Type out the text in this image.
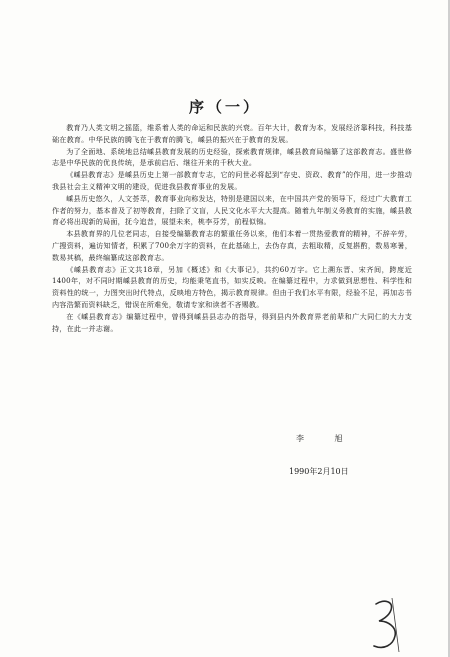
序（一）

教育乃人类文明之摇篮，维系着人类的命运和民族的兴衰。百年大计，教育为本，发展经济靠科技，科技基础在教育。中华民族的腾飞在于教育的腾飞，嵊县的振兴在于教育的发展。

为了全面地、系统地总结嵊县教育发展的历史经验，探索教育规律，嵊县教育局编纂了这部教育志。盛世修志是中华民族的优良传统，是承前启后、继往开来的千秋大业。

《嵊县教育志》是嵊县历史上第一部教育专志，它的问世必将起到“存史、资政、教育”的作用，进一步推动我县社会主义精神文明的建设，促进我县教育事业的发展。

嵊县历史悠久，人文荟萃，教育事业向称发达，特别是建国以来，在中国共产党的领导下，经过广大教育工作者的努力，基本普及了初等教育，扫除了文盲，人民文化水平大大提高。随着九年制义务教育的实施，嵊县教育必将出现新的局面，抚今追昔，展望未来，桃李芬芳，前程似锦。

本县教育界的几位老同志，自接受编纂教育志的繁重任务以来，他们本着一贯热爱教育的精神，不辞辛劳，广搜资料，遍访知情者，积累了700余万字的资料，在此基础上，去伪存真，去粗取精，反复斟酌，数易寒暑，数易其稿，最终编纂成这部教育志。

《嵊县教育志》正文共18章，另加《概述》和《大事记》，共约60万字。它上溯东晋、宋齐间，跨度近1400年，对不同时期嵊县教育的历史，均能秉笔直书，如实反映。在编纂过程中，力求做到思想性、科学性和资料性的统一，力图突出时代特点，反映地方特色，揭示教育规律。但由于我们水平有限，经验不足，再加志书内容浩繁而资料缺乏，错误在所难免，敬请专家和读者不吝赐教。

在《嵊县教育志》编纂过程中，曾得到嵊县县志办的指导，得到县内外教育界老前辈和广大同仁的大力支持，在此一并志谢。

李 旭
1990年2月10日
